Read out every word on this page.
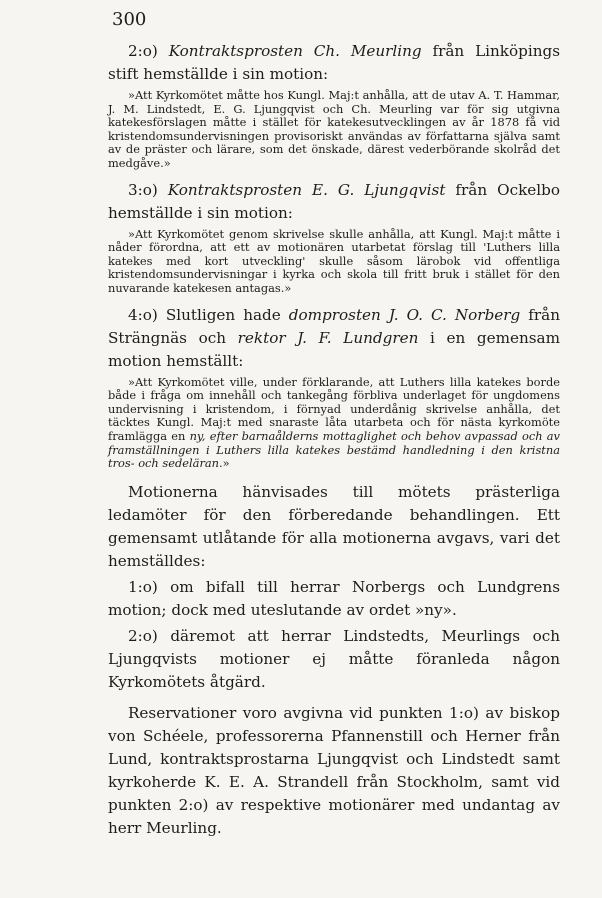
300

2:o) Kontraktsprosten Ch. Meurling från Linköpings stift hemställde i sin motion:

»Att Kyrkomötet måtte hos Kungl. Maj:t anhålla, att de utav A. T. Hammar, J. M. Lindstedt, E. G. Ljungqvist och Ch. Meurling var för sig utgivna katekesförslagen måtte i stället för katekesutvecklingen av år 1878 få vid kristendomsundervisningen provisoriskt användas av författarna själva samt av de präster och lärare, som det önskade, därest vederbörande skolråd det medgåve.»

3:o) Kontraktsprosten E. G. Ljungqvist från Ockelbo hemställde i sin motion:

»Att Kyrkomötet genom skrivelse skulle anhålla, att Kungl. Maj:t måtte i nåder förordna, att ett av motionären utarbetat förslag till 'Luthers lilla katekes med kort utveckling' skulle såsom lärobok vid offentliga kristendomsundervisningar i kyrka och skola till fritt bruk i stället för den nuvarande katekesen antagas.»

4:o) Slutligen hade domprosten J. O. C. Norberg från Strängnäs och rektor J. F. Lundgren i en gemensam motion hemställt:

»Att Kyrkomötet ville, under förklarande, att Luthers lilla katekes borde både i fråga om innehåll och tankegång förbliva underlaget för ungdomens undervisning i kristendom, i förnyad underdånig skrivelse anhålla, det täcktes Kungl. Maj:t med snaraste låta utarbeta och för nästa kyrkomöte framlägga en ny, efter barnaålderns mottaglighet och behov avpassad och av framställningen i Luthers lilla katekes bestämd handledning i den kristna tros- och sedeläran.»

Motionerna hänvisades till mötets prästerliga ledamöter för den förberedande behandlingen. Ett gemensamt utlåtande för alla motionerna avgavs, vari det hemställdes:

1:o) om bifall till herrar Norbergs och Lundgrens motion; dock med uteslutande av ordet »ny».

2:o) däremot att herrar Lindstedts, Meurlings och Ljungqvists motioner ej måtte föranleda någon Kyrkomötets åtgärd.

Reservationer voro avgivna vid punkten 1:o) av biskop von Schéele, professorerna Pfannenstill och Herner från Lund, kontraktsprostarna Ljungqvist och Lindstedt samt kyrkoherde K. E. A. Strandell från Stockholm, samt vid punkten 2:o) av respektive motionärer med undantag av herr Meurling.
